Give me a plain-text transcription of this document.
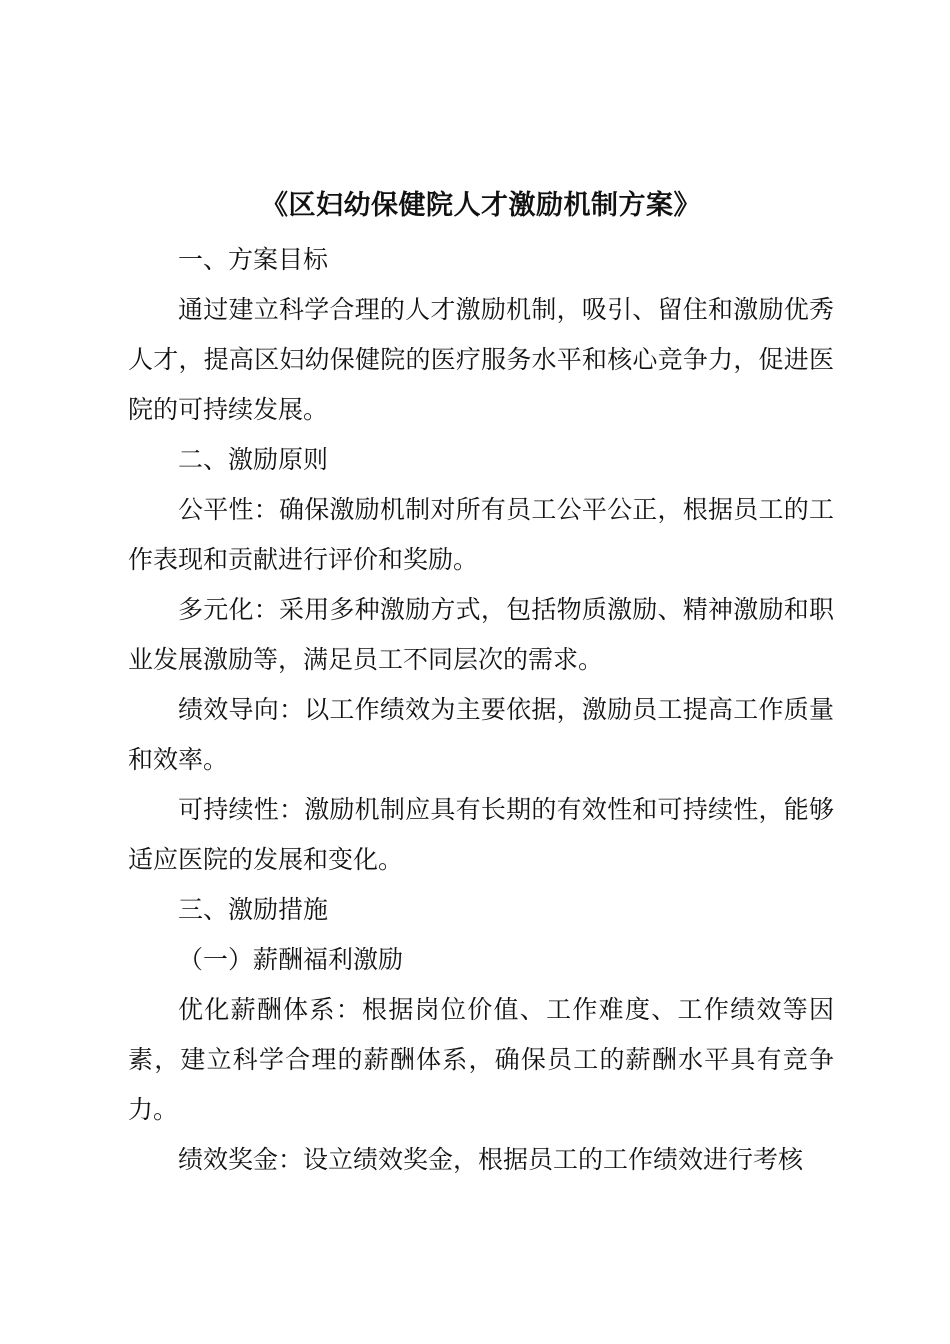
《区妇幼保健院人才激励机制方案》

一、方案目标

通过建立科学合理的人才激励机制，吸引、留住和激励优秀人才，提高区妇幼保健院的医疗服务水平和核心竞争力，促进医院的可持续发展。

二、激励原则

公平性：确保激励机制对所有员工公平公正，根据员工的工作表现和贡献进行评价和奖励。

多元化：采用多种激励方式，包括物质激励、精神激励和职业发展激励等，满足员工不同层次的需求。

绩效导向：以工作绩效为主要依据，激励员工提高工作质量和效率。

可持续性：激励机制应具有长期的有效性和可持续性，能够适应医院的发展和变化。

三、激励措施

（一）薪酬福利激励

优化薪酬体系：根据岗位价值、工作难度、工作绩效等因素，建立科学合理的薪酬体系，确保员工的薪酬水平具有竞争力。

绩效奖金：设立绩效奖金，根据员工的工作绩效进行考核
